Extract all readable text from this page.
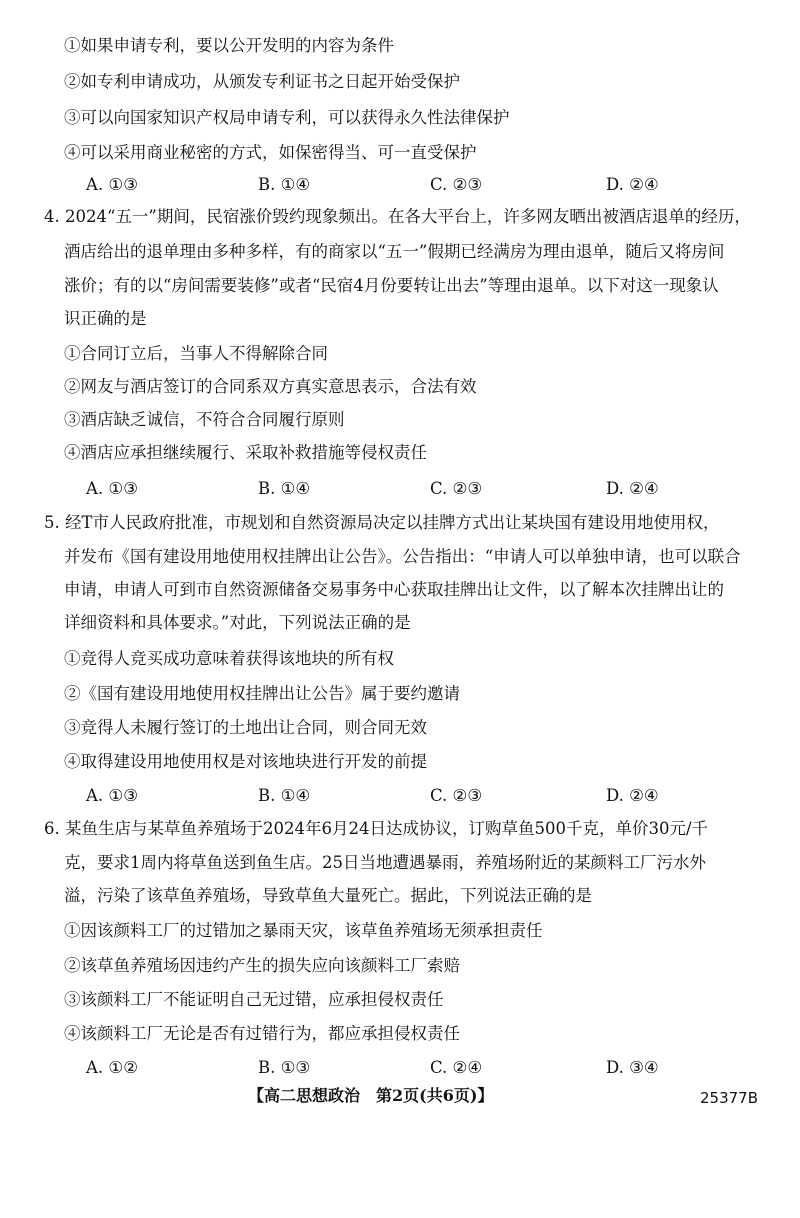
①如果申请专利，要以公开发明的内容为条件
②如专利申请成功，从颁发专利证书之日起开始受保护
③可以向国家知识产权局申请专利，可以获得永久性法律保护
④可以采用商业秘密的方式，如保密得当、可一直受保护
A. ①③	B. ①④	C. ②③	D. ②④
4. 2024“五一”期间，民宿涨价毁约现象频出。在各大平台上，许多网友晒出被酒店退单的经历，
酒店给出的退单理由多种多样，有的商家以“五一”假期已经满房为理由退单，随后又将房间
涨价；有的以“房间需要装修”或者“民宿4月份要转让出去”等理由退单。以下对这一现象认
识正确的是
①合同订立后，当事人不得解除合同
②网友与酒店签订的合同系双方真实意思表示，合法有效
③酒店缺乏诚信，不符合合同履行原则
④酒店应承担继续履行、采取补救措施等侵权责任
A. ①③	B. ①④	C. ②③	D. ②④
5. 经T市人民政府批准，市规划和自然资源局决定以挂牌方式出让某块国有建设用地使用权，
并发布《国有建设用地使用权挂牌出让公告》。公告指出：“申请人可以单独申请，也可以联合
申请，申请人可到市自然资源储备交易事务中心获取挂牌出让文件，以了解本次挂牌出让的
详细资料和具体要求。”对此，下列说法正确的是
①竞得人竞买成功意味着获得该地块的所有权
②《国有建设用地使用权挂牌出让公告》属于要约邀请
③竞得人未履行签订的土地出让合同，则合同无效
④取得建设用地使用权是对该地块进行开发的前提
A. ①③	B. ①④	C. ②③	D. ②④
6. 某鱼生店与某草鱼养殖场于2024年6月24日达成协议，订购草鱼500千克，单价30元/千
克，要求1周内将草鱼送到鱼生店。25日当地遭遇暴雨，养殖场附近的某颜料工厂污水外
溢，污染了该草鱼养殖场，导致草鱼大量死亡。据此，下列说法正确的是
①因该颜料工厂的过错加之暴雨天灾，该草鱼养殖场无须承担责任
②该草鱼养殖场因违约产生的损失应向该颜料工厂索赔
③该颜料工厂不能证明自己无过错，应承担侵权责任
④该颜料工厂无论是否有过错行为，都应承担侵权责任
A. ①②	B. ①③	C. ②④	D. ③④
【高二思想政治　第2页(共6页)】	25377B
